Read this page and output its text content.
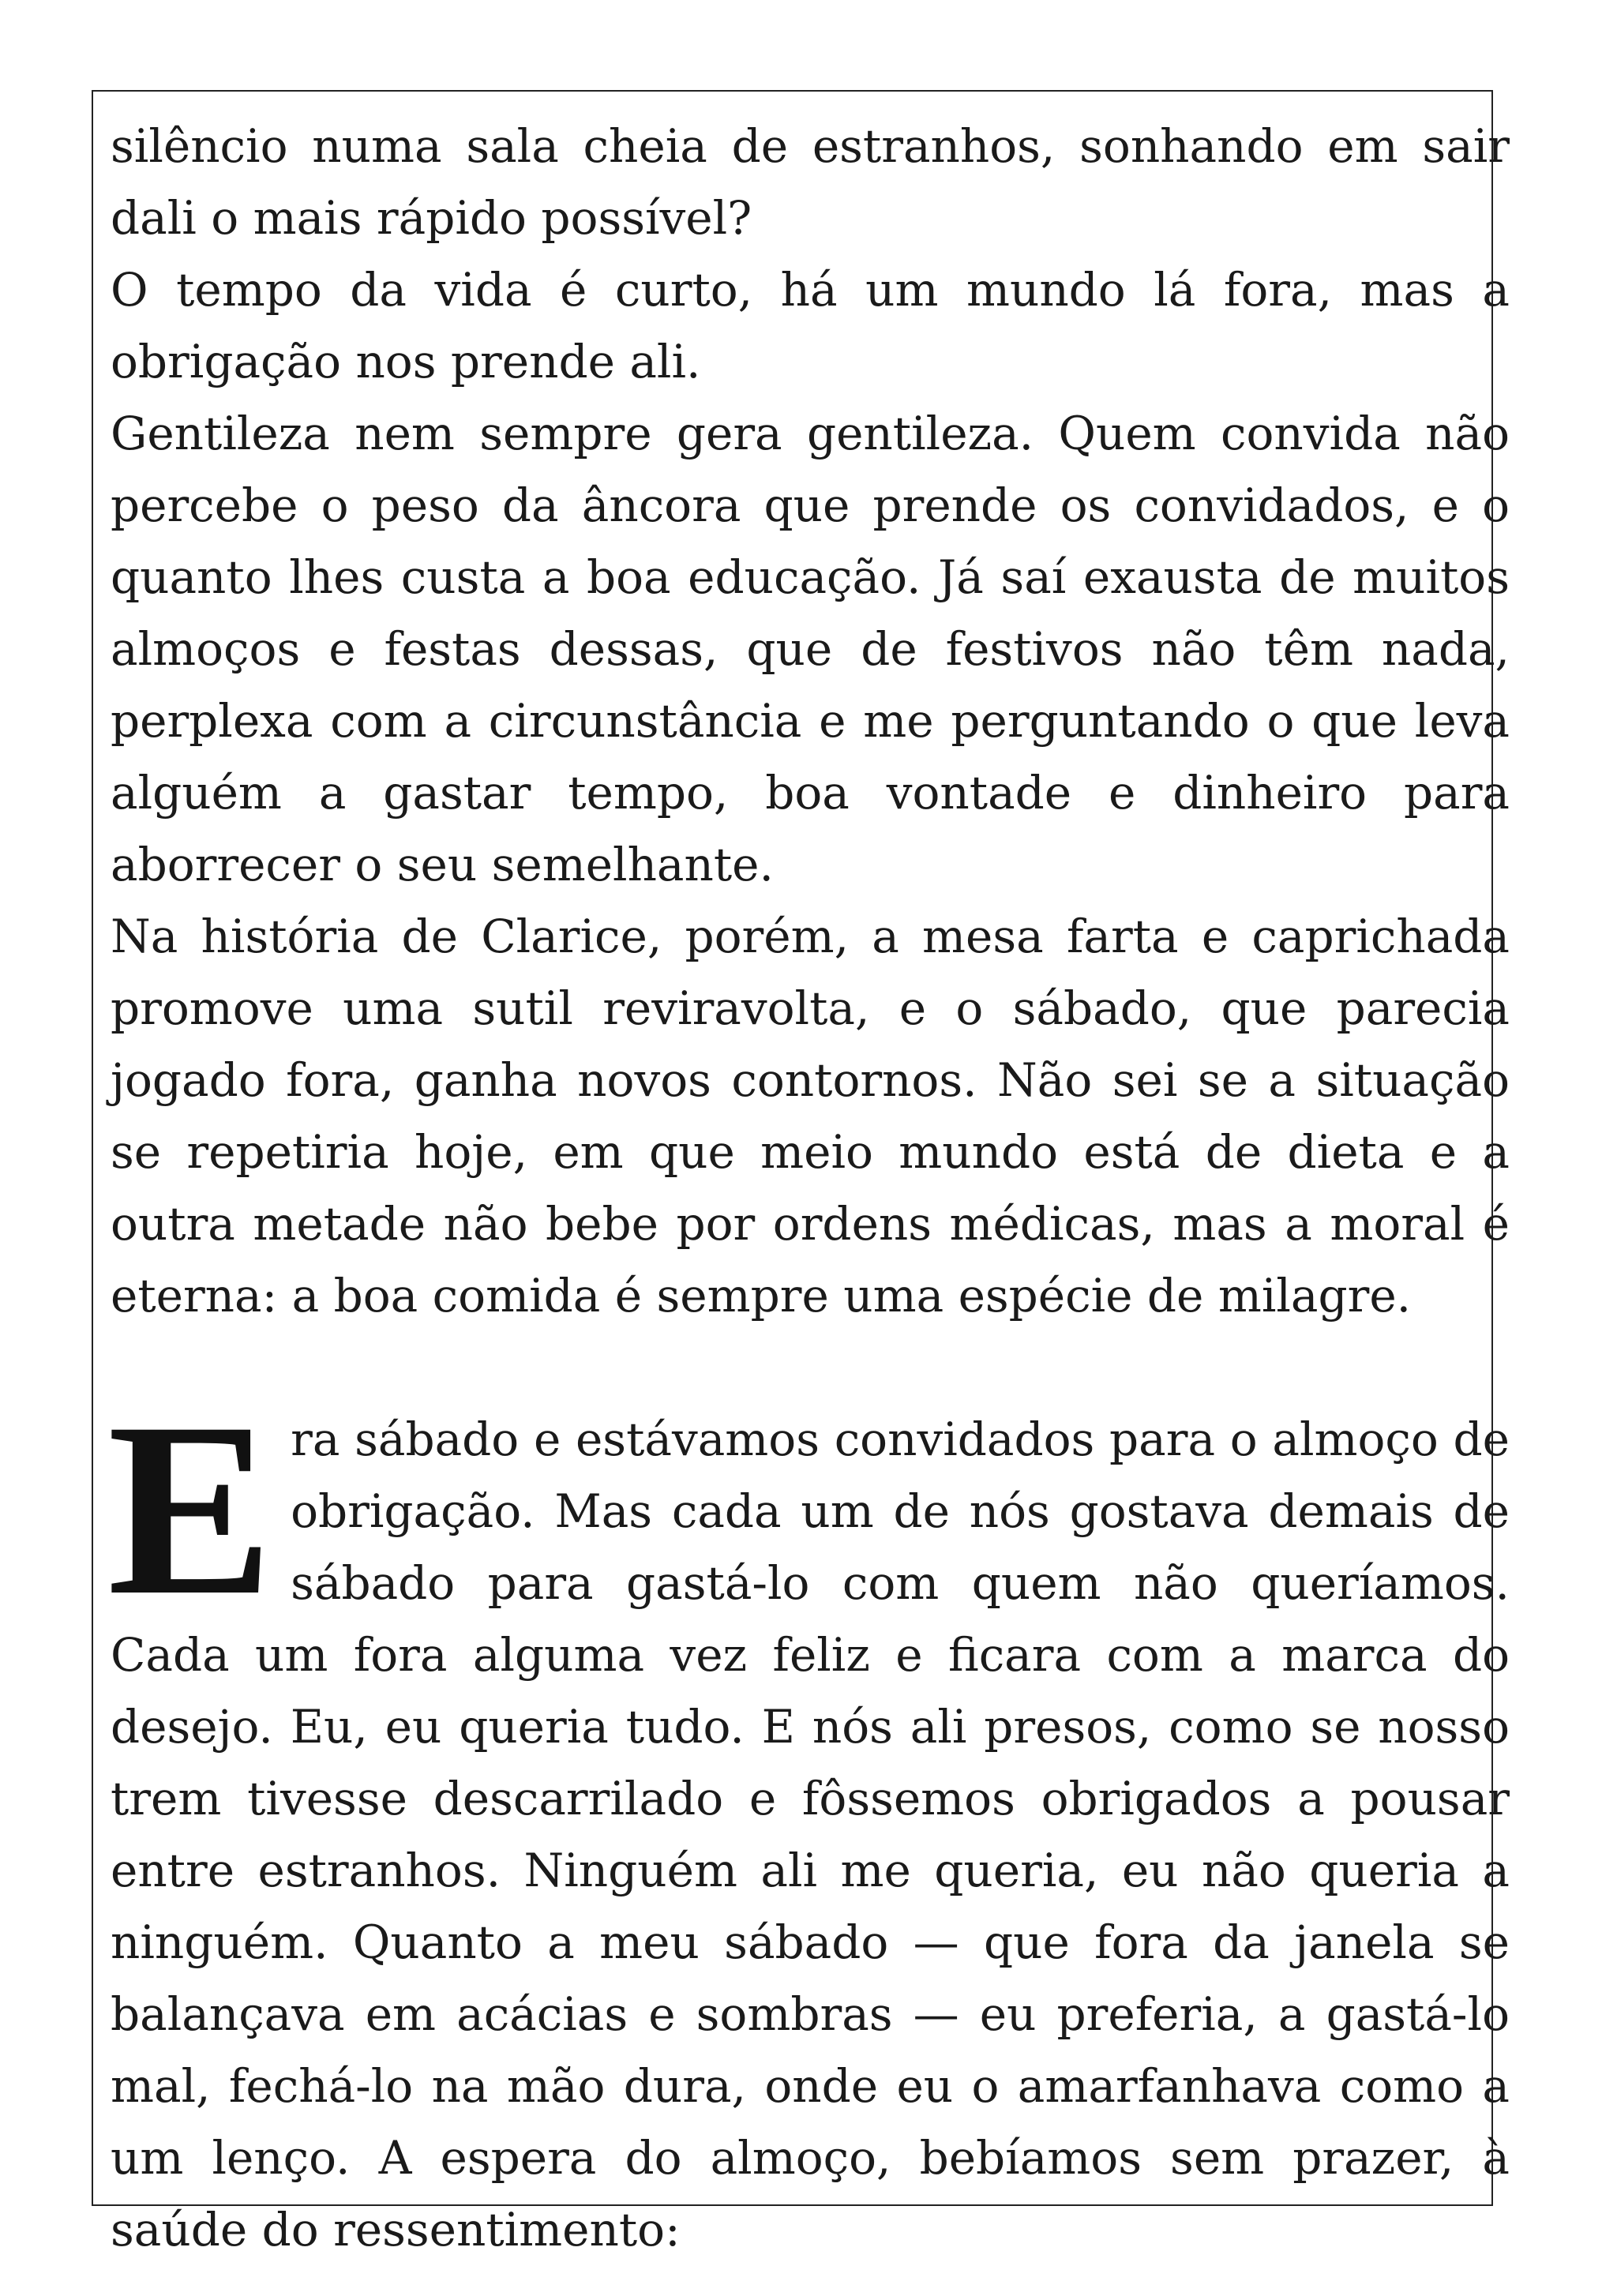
silêncio numa sala cheia de estranhos, sonhando em sair dali o mais rápido possível?

O tempo da vida é curto, há um mundo lá fora, mas a obrigação nos prende ali.

Gentileza nem sempre gera gentileza. Quem convida não percebe o peso da âncora que prende os convidados, e o quanto lhes custa a boa educação. Já saí exausta de muitos almoços e festas dessas, que de festivos não têm nada, perplexa com a circunstância e me perguntando o que leva alguém a gastar tempo, boa vontade e dinheiro para aborrecer o seu semelhante.

Na história de Clarice, porém, a mesa farta e caprichada promove uma sutil reviravolta, e o sábado, que parecia jogado fora, ganha novos contornos. Não sei se a situação se repetiria hoje, em que meio mundo está de dieta e a outra metade não bebe por ordens médicas, mas a moral é eterna: a boa comida é sempre uma espécie de milagre.

Era sábado e estávamos convidados para o almoço de obrigação. Mas cada um de nós gostava demais de sábado para gastá-lo com quem não queríamos. Cada um fora alguma vez feliz e ficara com a marca do desejo. Eu, eu queria tudo. E nós ali presos, como se nosso trem tivesse descarrilado e fôssemos obrigados a pousar entre estranhos. Ninguém ali me queria, eu não queria a ninguém. Quanto a meu sábado — que fora da janela se balançava em acácias e sombras — eu preferia, a gastá-lo mal, fechá-lo na mão dura, onde eu o amarfanhava como a um lenço. A espera do almoço, bebíamos sem prazer, à saúde do ressentimento:
